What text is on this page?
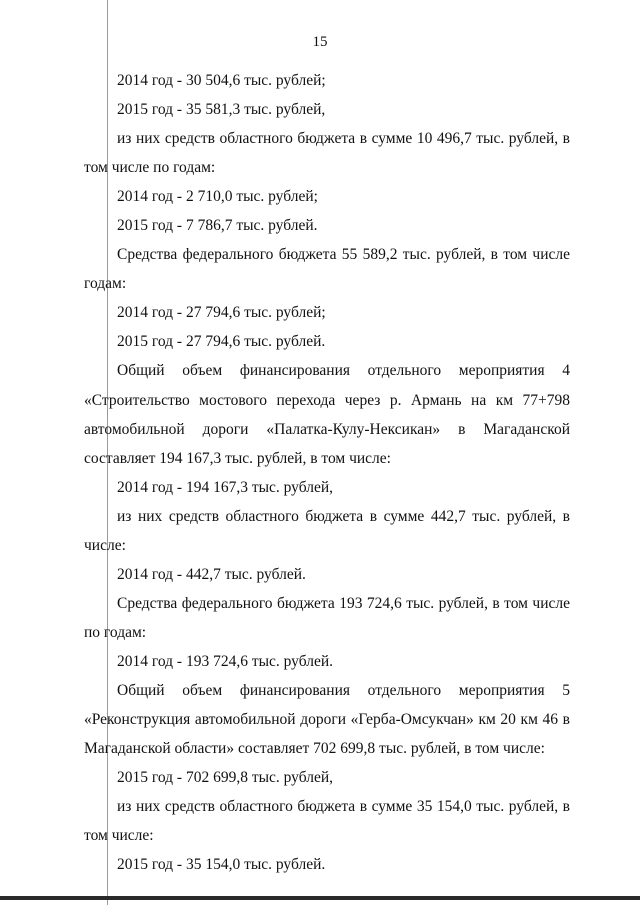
15
2014 год - 30 504,6 тыс. рублей;
2015 год - 35 581,3 тыс. рублей,
из них средств областного бюджета в сумме 10 496,7 тыс. рублей, в
том числе по годам:
2014 год - 2 710,0 тыс. рублей;
2015 год - 7 786,7 тыс. рублей.
Средства федерального бюджета 55 589,2 тыс. рублей, в том числе
годам:
2014 год - 27 794,6 тыс. рублей;
2015 год - 27 794,6 тыс. рублей.
Общий объем финансирования отдельного мероприятия 4
«Строительство мостового перехода через р. Армань на км 77+798
автомобильной дороги «Палатка-Кулу-Нексикан» в Магаданской
составляет 194 167,3 тыс. рублей, в том числе:
2014 год - 194 167,3 тыс. рублей,
из них средств областного бюджета в сумме 442,7 тыс. рублей, в
числе:
2014 год - 442,7 тыс. рублей.
Средства федерального бюджета 193 724,6 тыс. рублей, в том числе
по годам:
2014 год - 193 724,6 тыс. рублей.
Общий объем финансирования отдельного мероприятия 5
«Реконструкция автомобильной дороги «Герба-Омсукчан» км 20 км 46 в
Магаданской области» составляет 702 699,8 тыс. рублей, в том числе:
2015 год - 702 699,8 тыс. рублей,
из них средств областного бюджета в сумме 35 154,0 тыс. рублей, в
том числе:
2015 год - 35 154,0 тыс. рублей.
